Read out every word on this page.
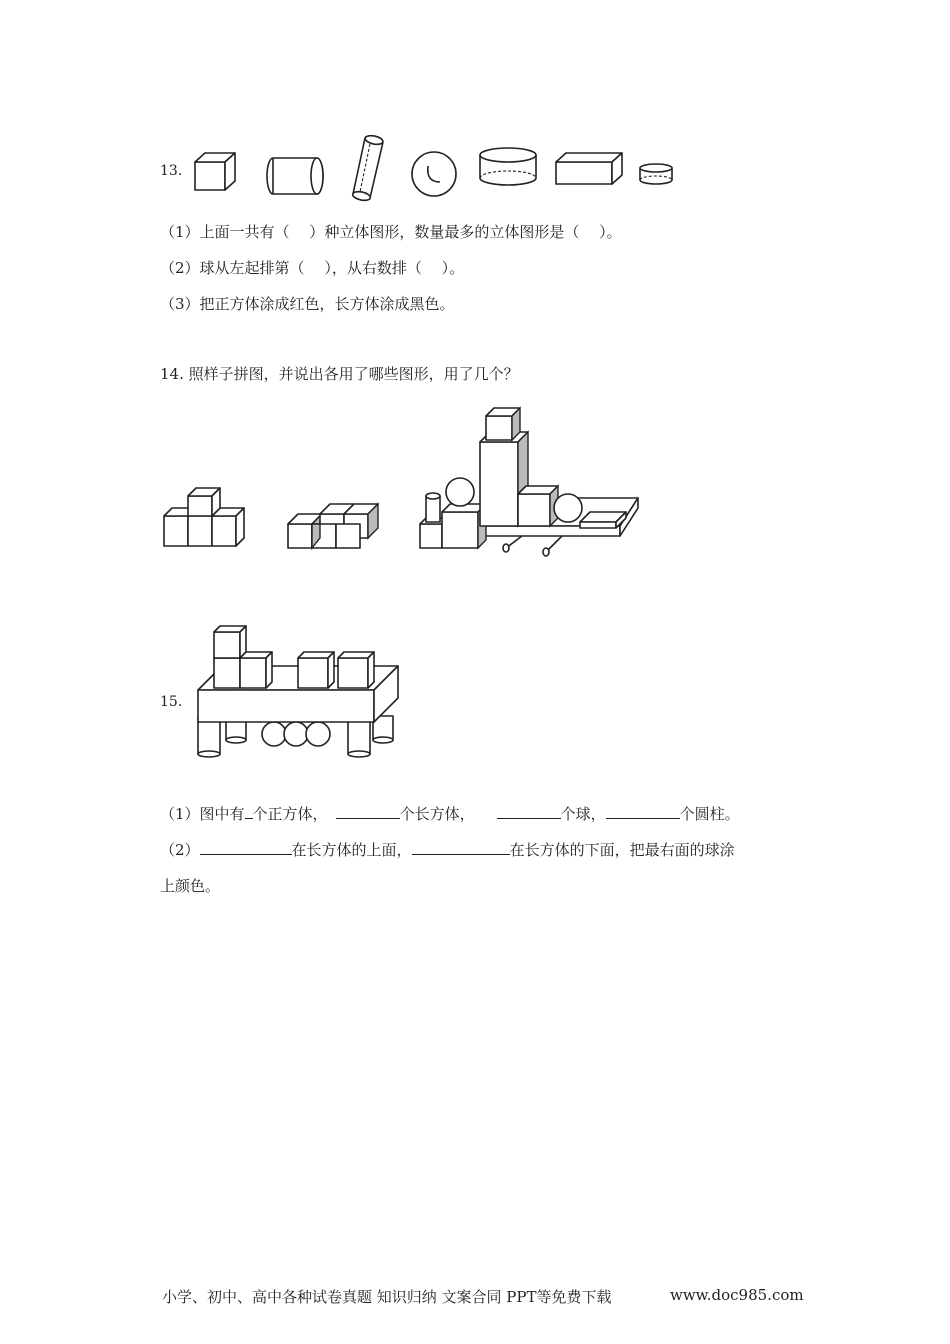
13.
（1）上面一共有（　 ）种立体图形，数量最多的立体图形是（　 ）。
（2）球从左起排第（　 ），从右数排（　 ）。
（3）把正方体涂成红色，长方体涂成黑色。
14. 照样子拼图，并说出各用了哪些图形，用了几个？
15.
（1）图中有 个正方体，	个长方体，	个球，	个圆柱。
（2）	在长方体的上面，	在长方体的下面，把最右面的球涂
上颜色。
小学、初中、高中各种试卷真题 知识归纳 文案合同 PPT等免费下载	www.doc985.com
